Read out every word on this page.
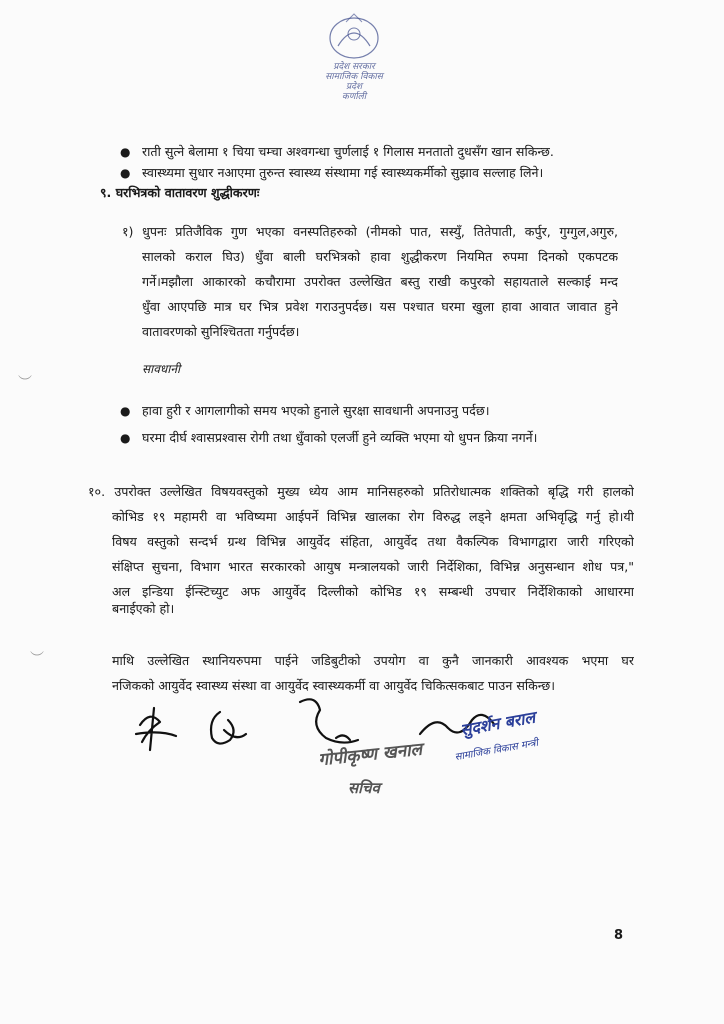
प्रदेश सरकार
सामाजिक विकास
प्रदेश
कर्णाली
● राती सुत्ने बेलामा १ चिया चम्चा अश्वगन्धा चुर्णलाई १ गिलास मनतातो दुधसँग खान सकिन्छ.
● स्वास्थ्यमा सुधार नआएमा तुरुन्त स्वास्थ्य संस्थामा गई स्वास्थ्यकर्मीको सुझाव सल्लाह लिने।
९. घरभित्रको वातावरण शुद्धीकरणः
१) धुपनः प्रतिजैविक गुण भएका वनस्पतिहरुको (नीमको पात, सस्युँ, तितेपाती, कर्पुर, गुग्गुल,अगुरु,
सालको कराल घिउ) धुँवा बाली घरभित्रको हावा शुद्धीकरण नियमित रुपमा दिनको एकपटक
गर्ने।मझौला आकारको कचौरामा उपरोक्त उल्लेखित बस्तु राखी कपुरको सहायताले सल्काई मन्द
धुँवा आएपछि मात्र घर भित्र प्रवेश गराउनुपर्दछ। यस पश्चात घरमा खुला हावा आवात जावात हुने
वातावरणको सुनिश्चितता गर्नुपर्दछ।
सावधानी
● हावा हुरी र आगलागीको समय भएको हुनाले सुरक्षा सावधानी अपनाउनु पर्दछ।
● घरमा दीर्घ श्वासप्रश्वास रोगी तथा धुँवाको एलर्जी हुने व्यक्ति भएमा यो धुपन क्रिया नगर्ने।
१०. उपरोक्त उल्लेखित विषयवस्तुको मुख्य ध्येय आम मानिसहरुको प्रतिरोधात्मक शक्तिको बृद्धि गरी हालको
कोभिड १९ महामरी वा भविष्यमा आईपर्ने विभिन्न खालका रोग विरुद्ध लड्ने क्षमता अभिवृद्धि गर्नु हो।यी
विषय वस्तुको सन्दर्भ ग्रन्थ विभिन्न आयुर्वेद संहिता, आयुर्वेद तथा वैकल्पिक विभागद्वारा जारी गरिएको
संक्षिप्त सुचना, विभाग भारत सरकारको आयुष मन्त्रालयको जारी निर्देशिका, विभिन्न अनुसन्धान शोध पत्र,"
अल इन्डिया ईन्स्टिच्युट अफ आयुर्वेद दिल्लीको कोभिड १९ सम्बन्धी उपचार निर्देशिकाको आधारमा
बनाईएको हो।
माथि उल्लेखित स्थानियरुपमा पाईने जडिबुटीको उपयोग वा कुनै जानकारी आवश्यक भएमा घर
नजिकको आयुर्वेद स्वास्थ्य संस्था वा आयुर्वेद स्वास्थ्यकर्मी वा आयुर्वेद चिकित्सकबाट पाउन सकिन्छ।
︶
︶
गोपीकृष्ण खनाल
सचिव
सुदर्शन बराल
सामाजिक विकास मन्त्री
8
